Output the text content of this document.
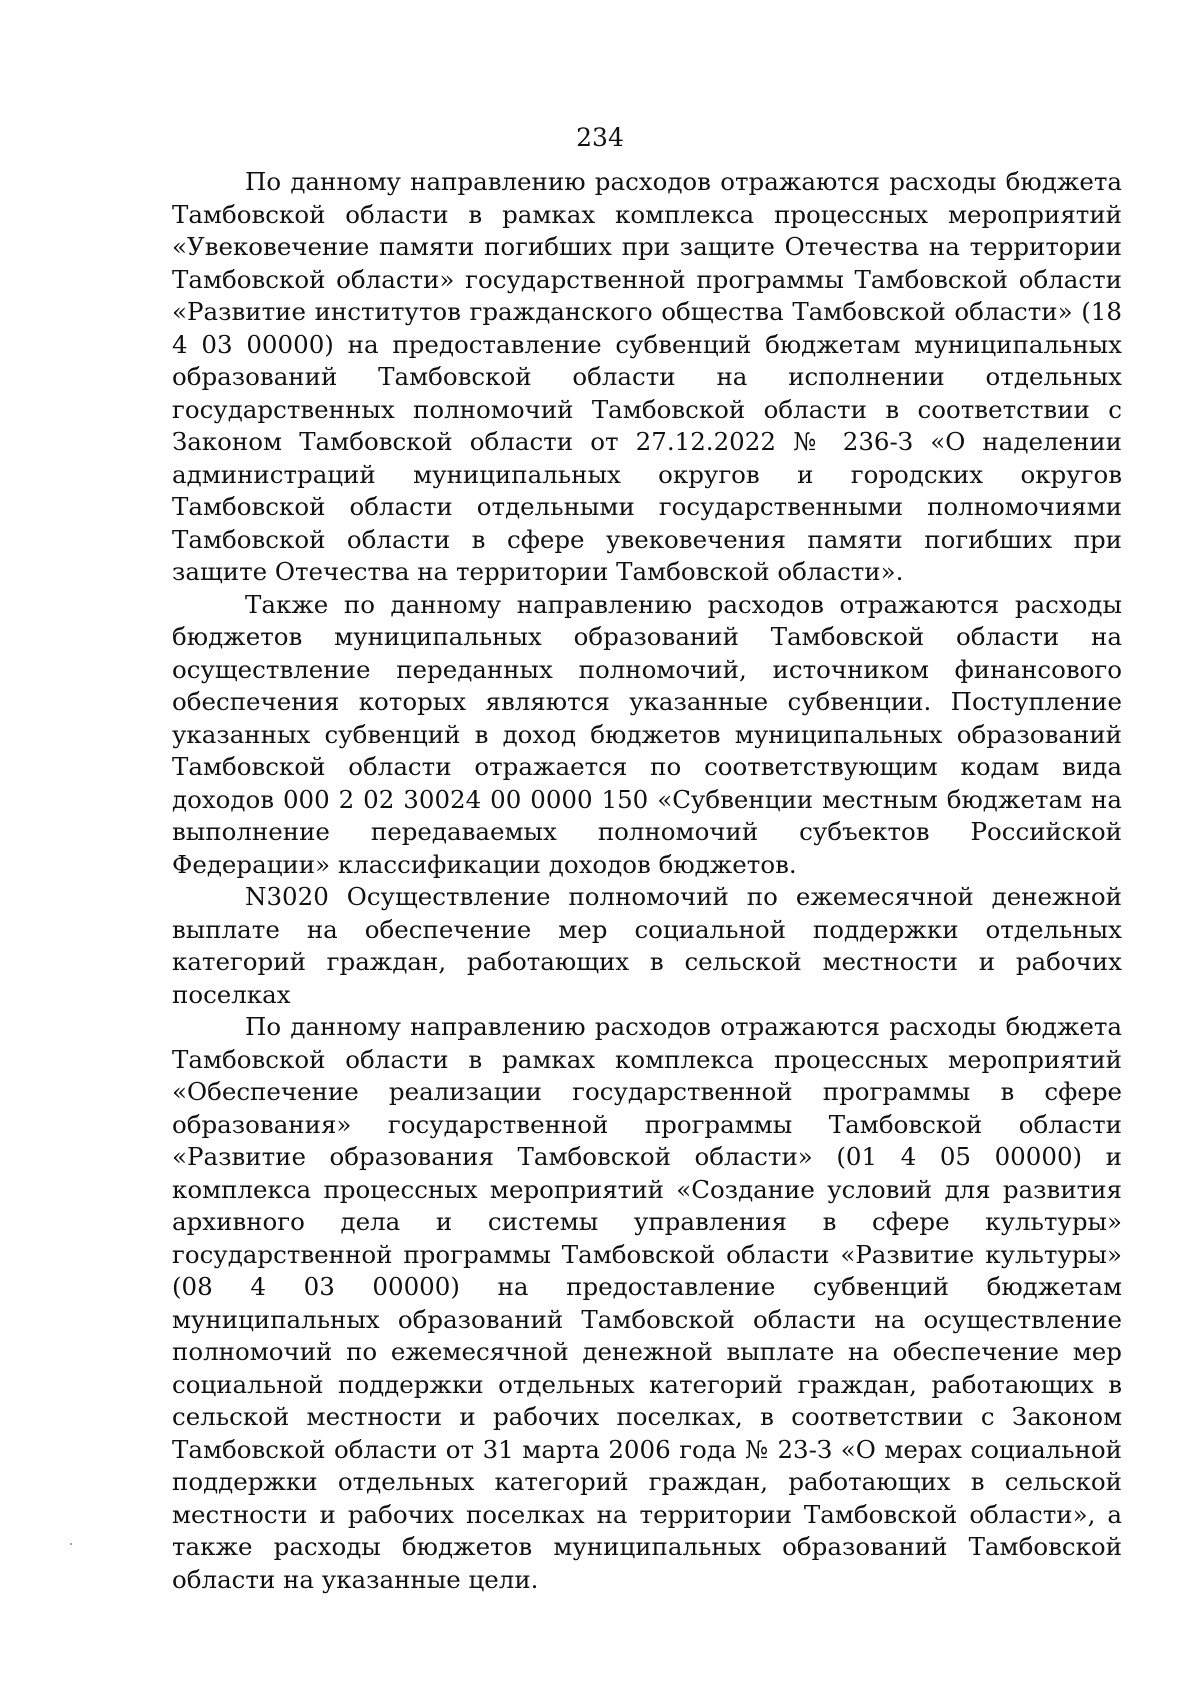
234

По данному направлению расходов отражаются расходы бюджета Тамбовской области в рамках комплекса процессных мероприятий «Увековечение памяти погибших при защите Отечества на территории Тамбовской области» государственной программы Тамбовской области «Развитие институтов гражданского общества Тамбовской области» (18 4 03 00000) на предоставление субвенций бюджетам муниципальных образований Тамбовской области на исполнении отдельных государственных полномочий Тамбовской области в соответствии с Законом Тамбовской области от 27.12.2022 № 236-З «О наделении администраций муниципальных округов и городских округов Тамбовской области отдельными государственными полномочиями Тамбовской области в сфере увековечения памяти погибших при защите Отечества на территории Тамбовской области».

Также по данному направлению расходов отражаются расходы бюджетов муниципальных образований Тамбовской области на осуществление переданных полномочий, источником финансового обеспечения которых являются указанные субвенции. Поступление указанных субвенций в доход бюджетов муниципальных образований Тамбовской области отражается по соответствующим кодам вида доходов 000 2 02 30024 00 0000 150 «Субвенции местным бюджетам на выполнение передаваемых полномочий субъектов Российской Федерации» классификации доходов бюджетов.

N3020 Осуществление полномочий по ежемесячной денежной выплате на обеспечение мер социальной поддержки отдельных категорий граждан, работающих в сельской местности и рабочих поселках

По данному направлению расходов отражаются расходы бюджета Тамбовской области в рамках комплекса процессных мероприятий «Обеспечение реализации государственной программы в сфере образования» государственной программы Тамбовской области «Развитие образования Тамбовской области» (01 4 05 00000) и комплекса процессных мероприятий «Создание условий для развития архивного дела и системы управления в сфере культуры» государственной программы Тамбовской области «Развитие культуры» (08 4 03 00000) на предоставление субвенций бюджетам муниципальных образований Тамбовской области на осуществление полномочий по ежемесячной денежной выплате на обеспечение мер социальной поддержки отдельных категорий граждан, работающих в сельской местности и рабочих поселках, в соответствии с Законом Тамбовской области от 31 марта 2006 года № 23-З «О мерах социальной поддержки отдельных категорий граждан, работающих в сельской местности и рабочих поселках на территории Тамбовской области», а также расходы бюджетов муниципальных образований Тамбовской области на указанные цели.
